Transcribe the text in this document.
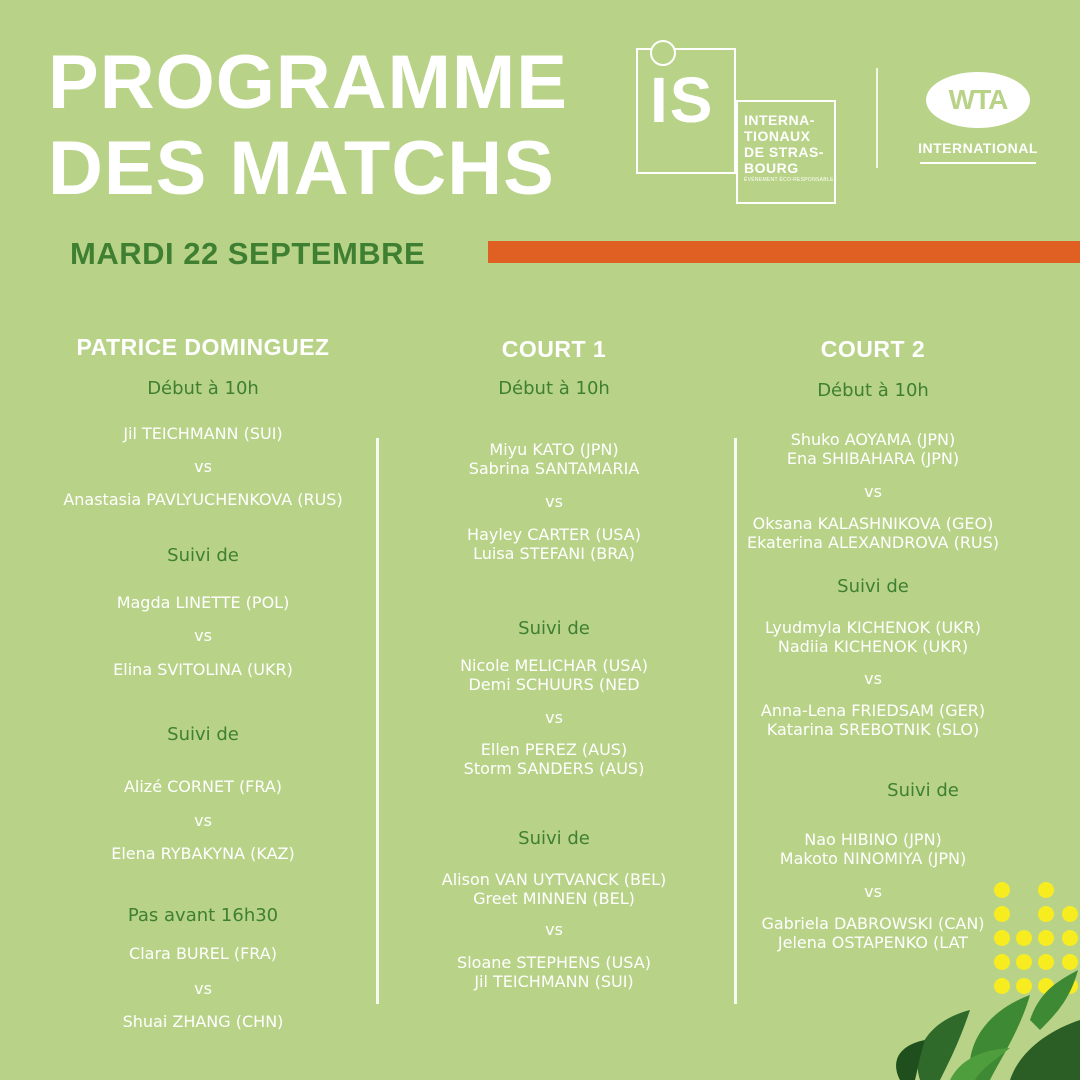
PROGRAMME
DES MATCHS
IS INTERNA-
TIONAUX
DE STRAS-
BOURG
ÉVÉNEMENT ÉCO-RESPONSABLE
WTA
INTERNATIONAL
MARDI 22 SEPTEMBRE
PATRICE DOMINGUEZ
Début à 10h
Jil TEICHMANN (SUI)
vs
Anastasia PAVLYUCHENKOVA (RUS)
Suivi de
Magda LINETTE (POL)
vs
Elina SVITOLINA (UKR)
Suivi de
Alizé CORNET (FRA)
vs
Elena RYBAKYNA (KAZ)
Pas avant 16h30
Clara BUREL (FRA)
vs
Shuai ZHANG (CHN)
COURT 1
Début à 10h
Miyu KATO (JPN)
Sabrina SANTAMARIA
vs
Hayley CARTER (USA)
Luisa STEFANI (BRA)
Suivi de
Nicole MELICHAR (USA)
Demi SCHUURS (NED
vs
Ellen PEREZ (AUS)
Storm SANDERS (AUS)
Suivi de
Alison VAN UYTVANCK (BEL)
Greet MINNEN (BEL)
vs
Sloane STEPHENS (USA)
Jil TEICHMANN (SUI)
COURT 2
Début à 10h
Shuko AOYAMA (JPN)
Ena SHIBAHARA (JPN)
vs
Oksana KALASHNIKOVA (GEO)
Ekaterina ALEXANDROVA (RUS)
Suivi de
Lyudmyla KICHENOK (UKR)
Nadiia KICHENOK (UKR)
vs
Anna-Lena FRIEDSAM (GER)
Katarina SREBOTNIK (SLO)
Suivi de
Nao HIBINO (JPN)
Makoto NINOMIYA (JPN)
vs
Gabriela DABROWSKI (CAN)
Jelena OSTAPENKO (LAT
